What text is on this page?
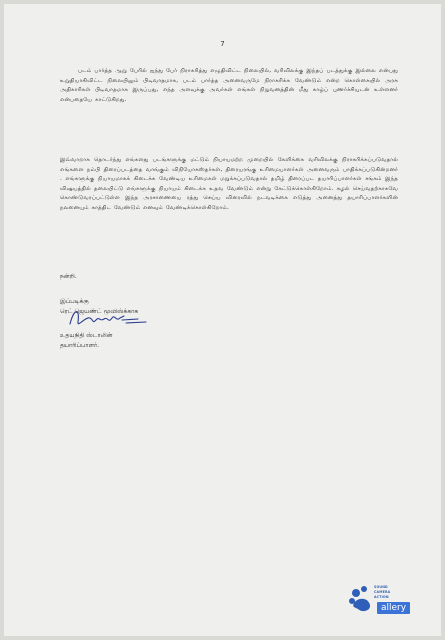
7
படம் பார்த்த ஆறு பேரில் ஐந்து பேர் நிராகரித்து எழுதிவிட்ட நிலையில், வரிவிலக்கு இந்தப் படத்துக்கு இல்லை என்பது உறுதியாகிவிட்ட நிலையிலும் பிடிவாதமாக, படம் பார்த்த அனைவருமே நிராகரிக்க வேண்டும் என்ற கொள்கையில் அரசு அதிகாரிகள் பிடிவாதமாக இருப்பது, எந்த அளவுக்கு அவர்கள் எங்கள் நிறுவனத்தின் மீது காழ்ப் புணர்ச்சியுடன் உள்ளனர் என்பதையே காட்டுகிறது.
இவ்வாறாக தொடர்ந்து எங்களது படங்களுக்கு மட்டும் நியாயமற்ற முறையில் கேளிக்கை வரிவிலக்கு நிராகரிக்கப்படுவதால் எங்களை நம்பி திரைப்படத்தை வாங்கும் விநியோகஸ்தர்கள், திரையரங்கு உரிமையாளர்கள் அனைவரும் பாதிக்கப்படுகின்றனர் . எங்களுக்கு நியாயமாகக் கிடைக்க வேண்டிய உரிமைகள் மறுக்கப்படுவதால் தமிழ் திரைப்பட தயாரிப்பாளர்கள் சங்கம் இந்த விஷயத்தில் தலையிட்டு எங்களுக்கு நியாயம் கிடைக்க உதவ வேண்டும் என்று கேட்டுக்கொள்கிறோம். கழல் செய்வதற்காகவே கொண்டுவரப்பட்டுள்ள இந்த அரசாணையை ரத்து செய்ய விரைவில் நடவடிக்கை எடுத்து அனைத்து தயாரிப்பாளர்களின் நலனையும் காத்திட வேண்டும் எனவும் வேண்டிக்கொள்கிறோம்.
நன்றி.
இப்படிக்கு
ரெட் ஜெயண்ட் மூவிஸ்க்காக
உதயநிதி ஸ்டாலின்
தயாரிப்பாளர்.
SOUND
CAMERA
ACTION
allery
